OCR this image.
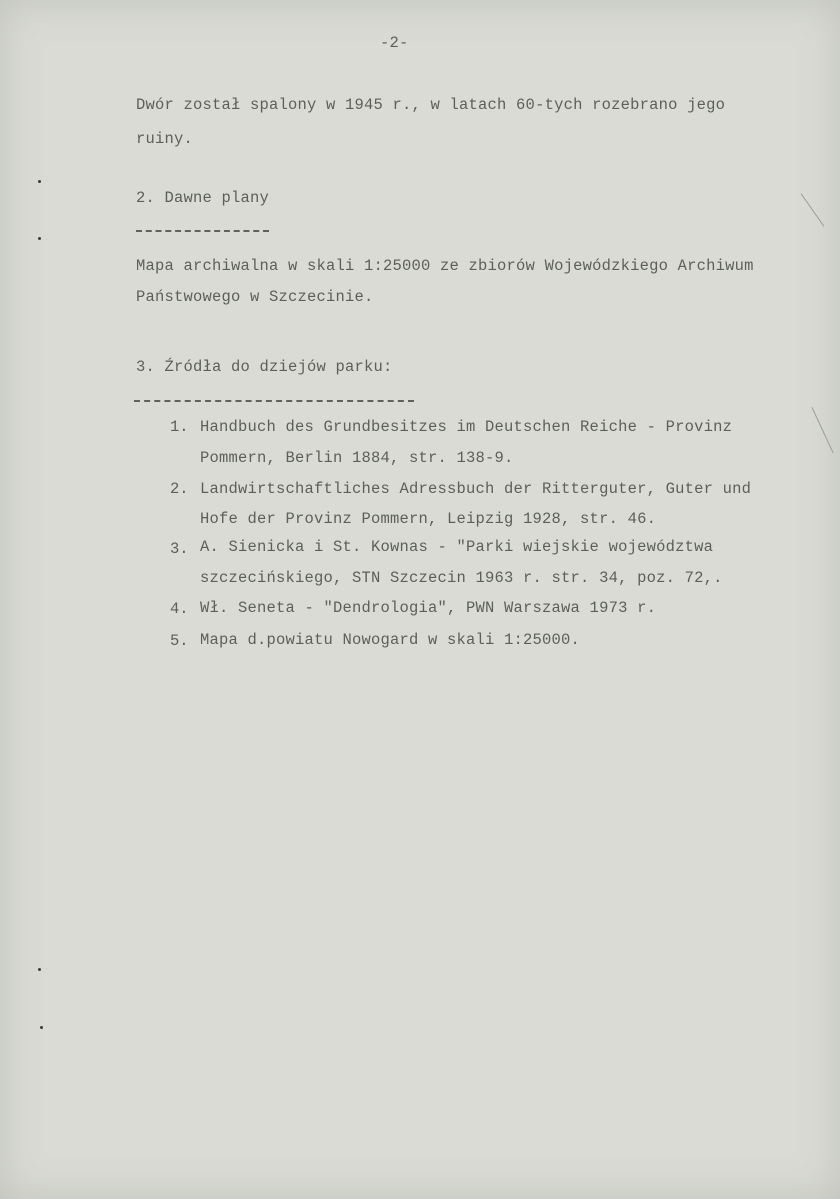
-2-
Dwór został spalony w 1945 r., w latach 60-tych rozebrano jego
ruiny.
2. Dawne plany
Mapa archiwalna w skali 1:25000 ze zbiorów Wojewódzkiego Archiwum
Państwowego w Szczecinie.
3. Źródła do dziejów parku:
1. Handbuch des Grundbesitzes im Deutschen Reiche - Provinz
Pommern, Berlin 1884, str. 138-9.
2. Landwirtschaftliches Adressbuch der Ritterguter, Guter und
Hofe der Provinz Pommern, Leipzig 1928, str. 46.
3. A. Sienicka i St. Kownas - "Parki wiejskie województwa
szczecińskiego, STN Szczecin 1963 r. str. 34, poz. 72,.
4. Wł. Seneta - "Dendrologia", PWN Warszawa 1973 r.
5. Mapa d.powiatu Nowogard w skali 1:25000.
